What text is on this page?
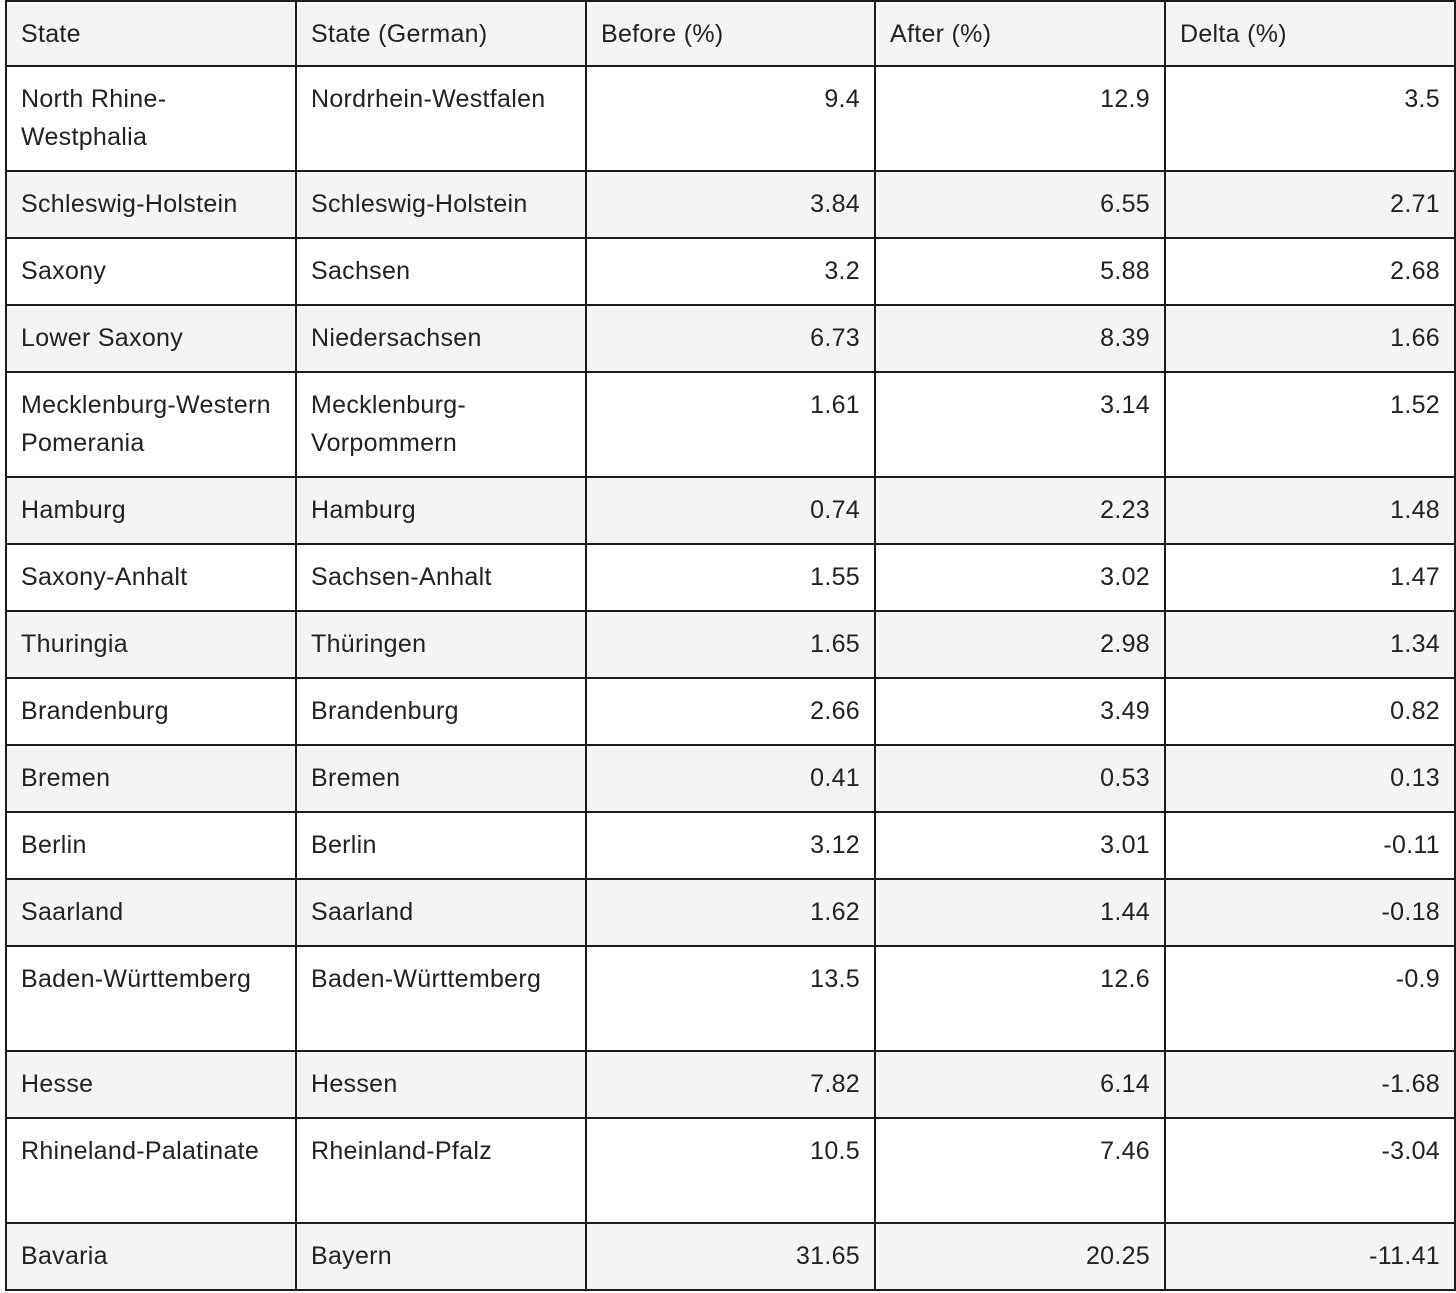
State	State (German)	Before (%)	After (%)	Delta (%)
North Rhine-Westphalia	Nordrhein-Westfalen	9.4	12.9	3.5
Schleswig-Holstein	Schleswig-Holstein	3.84	6.55	2.71
Saxony	Sachsen	3.2	5.88	2.68
Lower Saxony	Niedersachsen	6.73	8.39	1.66
Mecklenburg-Western Pomerania	Mecklenburg-Vorpommern	1.61	3.14	1.52
Hamburg	Hamburg	0.74	2.23	1.48
Saxony-Anhalt	Sachsen-Anhalt	1.55	3.02	1.47
Thuringia	Thüringen	1.65	2.98	1.34
Brandenburg	Brandenburg	2.66	3.49	0.82
Bremen	Bremen	0.41	0.53	0.13
Berlin	Berlin	3.12	3.01	-0.11
Saarland	Saarland	1.62	1.44	-0.18
Baden-Württemberg	Baden-Württemberg	13.5	12.6	-0.9
Hesse	Hessen	7.82	6.14	-1.68
Rhineland-Palatinate	Rheinland-Pfalz	10.5	7.46	-3.04
Bavaria	Bayern	31.65	20.25	-11.41
